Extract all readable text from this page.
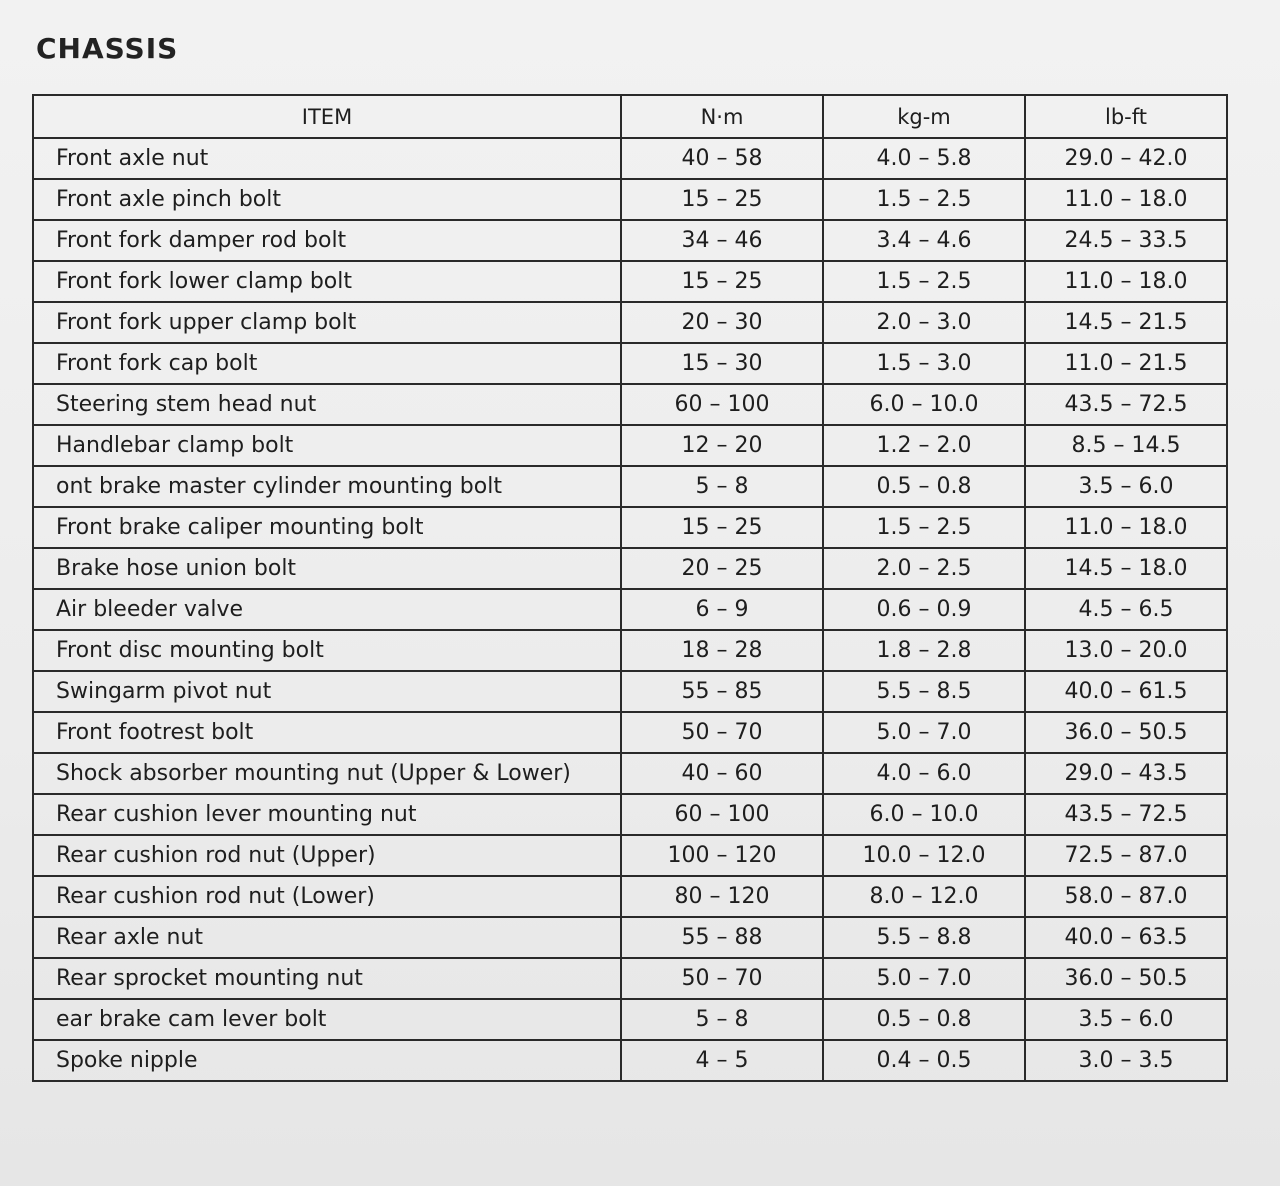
CHASSIS
ITEM	N·m	kg-m	lb-ft
Front axle nut	40 – 58	4.0 – 5.8	29.0 – 42.0
Front axle pinch bolt	15 – 25	1.5 – 2.5	11.0 – 18.0
Front fork damper rod bolt	34 – 46	3.4 – 4.6	24.5 – 33.5
Front fork lower clamp bolt	15 – 25	1.5 – 2.5	11.0 – 18.0
Front fork upper clamp bolt	20 – 30	2.0 – 3.0	14.5 – 21.5
Front fork cap bolt	15 – 30	1.5 – 3.0	11.0 – 21.5
Steering stem head nut	60 – 100	6.0 – 10.0	43.5 – 72.5
Handlebar clamp bolt	12 – 20	1.2 – 2.0	8.5 – 14.5
ont brake master cylinder mounting bolt	5 – 8	0.5 – 0.8	3.5 – 6.0
Front brake caliper mounting bolt	15 – 25	1.5 – 2.5	11.0 – 18.0
Brake hose union bolt	20 – 25	2.0 – 2.5	14.5 – 18.0
Air bleeder valve	6 – 9	0.6 – 0.9	4.5 – 6.5
Front disc mounting bolt	18 – 28	1.8 – 2.8	13.0 – 20.0
Swingarm pivot nut	55 – 85	5.5 – 8.5	40.0 – 61.5
Front footrest bolt	50 – 70	5.0 – 7.0	36.0 – 50.5
Shock absorber mounting nut (Upper & Lower)	40 – 60	4.0 – 6.0	29.0 – 43.5
Rear cushion lever mounting nut	60 – 100	6.0 – 10.0	43.5 – 72.5
Rear cushion rod nut (Upper)	100 – 120	10.0 – 12.0	72.5 – 87.0
Rear cushion rod nut (Lower)	80 – 120	8.0 – 12.0	58.0 – 87.0
Rear axle nut	55 – 88	5.5 – 8.8	40.0 – 63.5
Rear sprocket mounting nut	50 – 70	5.0 – 7.0	36.0 – 50.5
ear brake cam lever bolt	5 – 8	0.5 – 0.8	3.5 – 6.0
Spoke nipple	4 – 5	0.4 – 0.5	3.0 – 3.5
